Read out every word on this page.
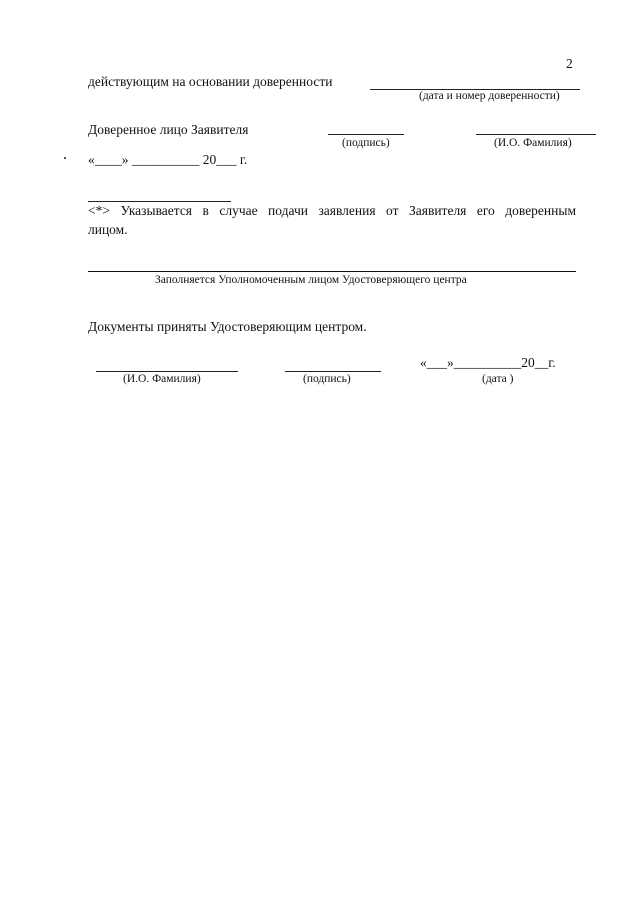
2
действующим на основании доверенности
(дата и номер доверенности)
Доверенное лицо Заявителя
(подпись)	(И.О. Фамилия)
«____» __________ 20___ г.
<*> Указывается в случае подачи заявления от Заявителя его доверенным
лицом.
Заполняется Уполномоченным лицом Удостоверяющего центра
Документы приняты Удостоверяющим центром.
(И.О. Фамилия)	(подпись)
«___»__________20__г.
(дата )
